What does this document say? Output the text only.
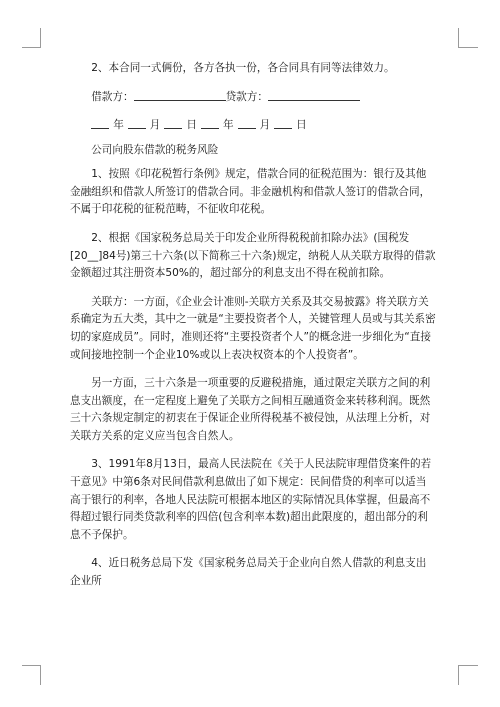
2、本合同一式俩份，各方各执一份，各合同具有同等法律效力。

借款方：	贷款方：

年 月 日 年 月 日

公司向股东借款的税务风险

1、按照《印花税暂行条例》规定，借款合同的征税范围为：银行及其他金融组织和借款人所签订的借款合同。非金融机构和借款人签订的借款合同，不属于印花税的征税范畴，不征收印花税。

2、根据《国家税务总局关于印发企业所得税税前扣除办法》(国税发[20__]84号)第三十六条(以下简称三十六条)规定，纳税人从关联方取得的借款金额超过其注册资本50%的，超过部分的利息支出不得在税前扣除。

关联方：一方面，《企业会计准则-关联方关系及其交易披露》将关联方关系确定为五大类，其中之一就是“主要投资者个人，关键管理人员或与其关系密切的家庭成员”。同时，准则还将“主要投资者个人”的概念进一步细化为“直接或间接地控制一个企业10%或以上表决权资本的个人投资者”。

另一方面，三十六条是一项重要的反避税措施，通过限定关联方之间的利息支出额度，在一定程度上避免了关联方之间相互融通资金来转移利润。既然三十六条规定制定的初衷在于保证企业所得税基不被侵蚀，从法理上分析，对关联方关系的定义应当包含自然人。

3、1991年8月13日，最高人民法院在《关于人民法院审理借贷案件的若干意见》中第6条对民间借款利息做出了如下规定：民间借贷的利率可以适当高于银行的利率，各地人民法院可根据本地区的实际情况具体掌握，但最高不得超过银行同类贷款利率的四倍(包含利率本数)超出此限度的，超出部分的利息不予保护。

4、近日税务总局下发《国家税务总局关于企业向自然人借款的利息支出企业所
